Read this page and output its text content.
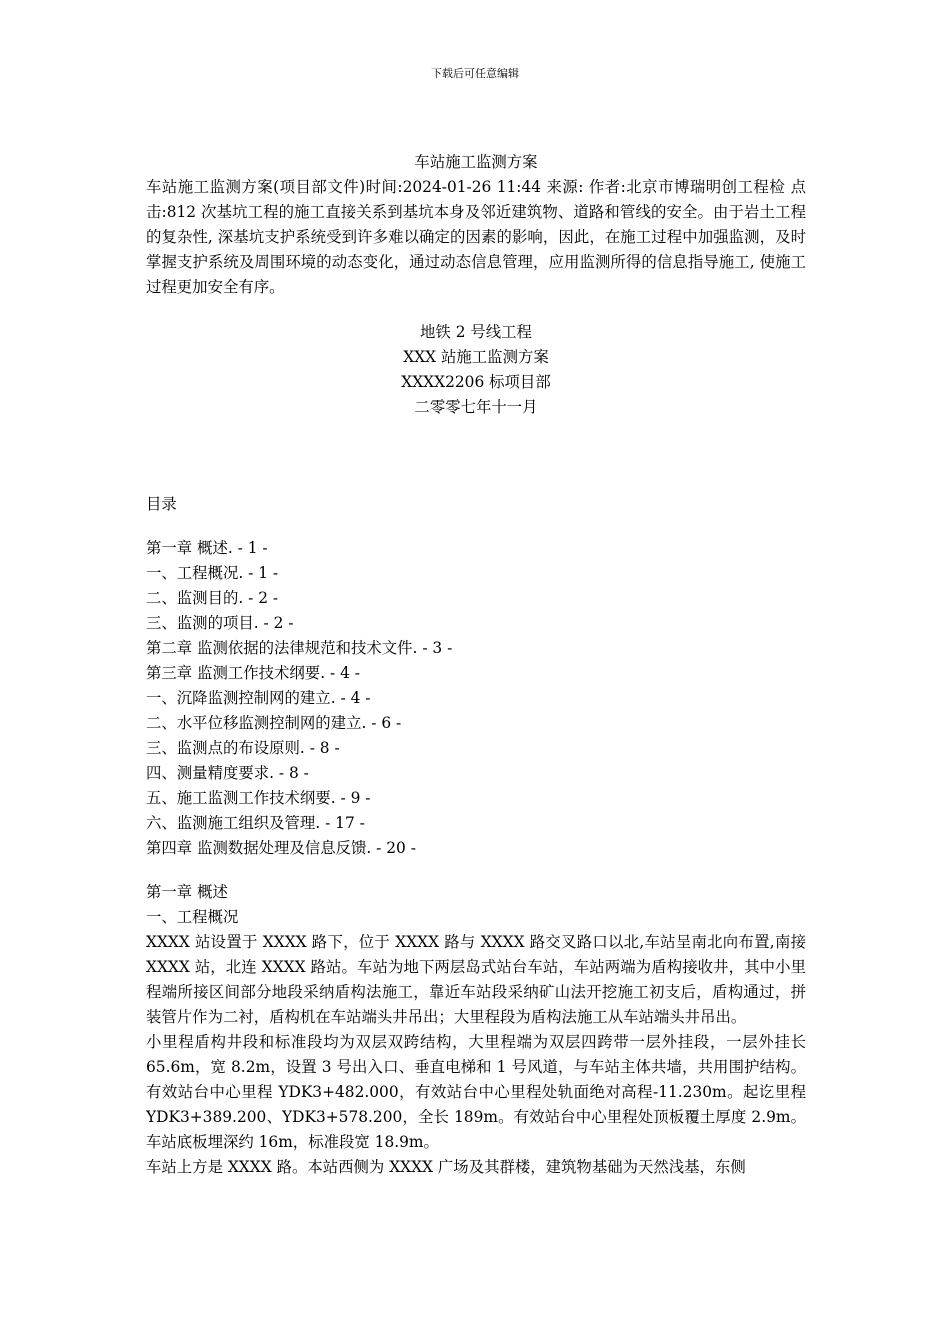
下载后可任意编辑

车站施工监测方案

车站施工监测方案(项目部文件)时间:2024-01-26 11:44 来源: 作者:北京市博瑞明创工程检 点击:812 次基坑工程的施工直接关系到基坑本身及邻近建筑物、道路和管线的安全。由于岩土工程的复杂性, 深基坑支护系统受到许多难以确定的因素的影响，因此，在施工过程中加强监测，及时掌握支护系统及周围环境的动态变化，通过动态信息管理，应用监测所得的信息指导施工, 使施工过程更加安全有序。

地铁 2 号线工程

XXX 站施工监测方案

XXXX2206 标项目部

二零零七年十一月

目录

第一章 概述. - 1 -

一、工程概况. - 1 -

二、监测目的. - 2 -

三、监测的项目. - 2 -

第二章 监测依据的法律规范和技术文件. - 3 -

第三章 监测工作技术纲要. - 4 -

一、沉降监测控制网的建立. - 4 -

二、水平位移监测控制网的建立. - 6 -

三、监测点的布设原则. - 8 -

四、测量精度要求. - 8 -

五、施工监测工作技术纲要. - 9 -

六、监测施工组织及管理. - 17 -

第四章 监测数据处理及信息反馈. - 20 -

第一章 概述

一、工程概况

XXXX 站设置于 XXXX 路下，位于 XXXX 路与 XXXX 路交叉路口以北,车站呈南北向布置,南接 XXXX 站，北连 XXXX 路站。车站为地下两层岛式站台车站，车站两端为盾构接收井，其中小里程端所接区间部分地段采纳盾构法施工，靠近车站段采纳矿山法开挖施工初支后，盾构通过，拼装管片作为二衬，盾构机在车站端头井吊出；大里程段为盾构法施工从车站端头井吊出。

小里程盾构井段和标准段均为双层双跨结构，大里程端为双层四跨带一层外挂段，一层外挂长 65.6m，宽 8.2m，设置 3 号出入口、垂直电梯和 1 号风道，与车站主体共墙，共用围护结构。有效站台中心里程 YDK3+482.000，有效站台中心里程处轨面绝对高程-11.230m。起讫里程 YDK3+389.200、YDK3+578.200，全长 189m。有效站台中心里程处顶板覆土厚度 2.9m。车站底板埋深约 16m，标准段宽 18.9m。

车站上方是 XXXX 路。本站西侧为 XXXX 广场及其群楼，建筑物基础为天然浅基，东侧
